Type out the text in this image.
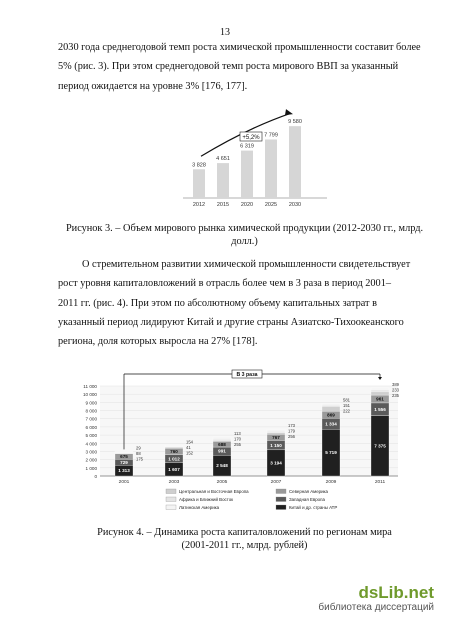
13

2030 года среднегодовой темп роста химической промышленности составит более
5% (рис. 3). При этом среднегодовой темп роста мирового ВВП за указанный
период ожидается на уровне 3% [176, 177].

3 828
2012
4 651
2015
6 319
2020
7 799
2025
9 580
2030
+5,2%

Рисунок 3. – Объем мирового рынка химической продукции (2012-2030 гг., млрд.
долл.)

О стремительном развитии химической промышленности свидетельствует
рост уровня капиталовложений в отрасль более чем в 3 раза в период 2001–
2011 гг. (рис. 4). При этом по абсолютному объему капитальных затрат в
указанный период лидируют Китай и другие страны Азиатско-Тихоокеанского
региона, доля которых выросла на 27% [178].

0
1 000
2 000
3 000
4 000
5 000
6 000
7 000
8 000
9 000
10 000
11 000
1 313
729
675
29
88
175
2001
1 607
1 012
760
154
41
152
2003
2 548
991
688
113
170
255
2005
3 194
1 150
767
173
179
256
2007
5 719
1 334
869
581
151
222
2009
7 375
1 556
961
389
233
235
2011
В 3 раза
Центральная и Восточная Европа	Северная Америка
Африка и Ближний Восток	Западная Европа
Латинская Америка	Китай и др. страны АТР

Рисунок 4. – Динамика роста капиталовложений по регионам мира
(2001-2011 гг., млрд. рублей)

dsLib.net
библиотека диссертаций
